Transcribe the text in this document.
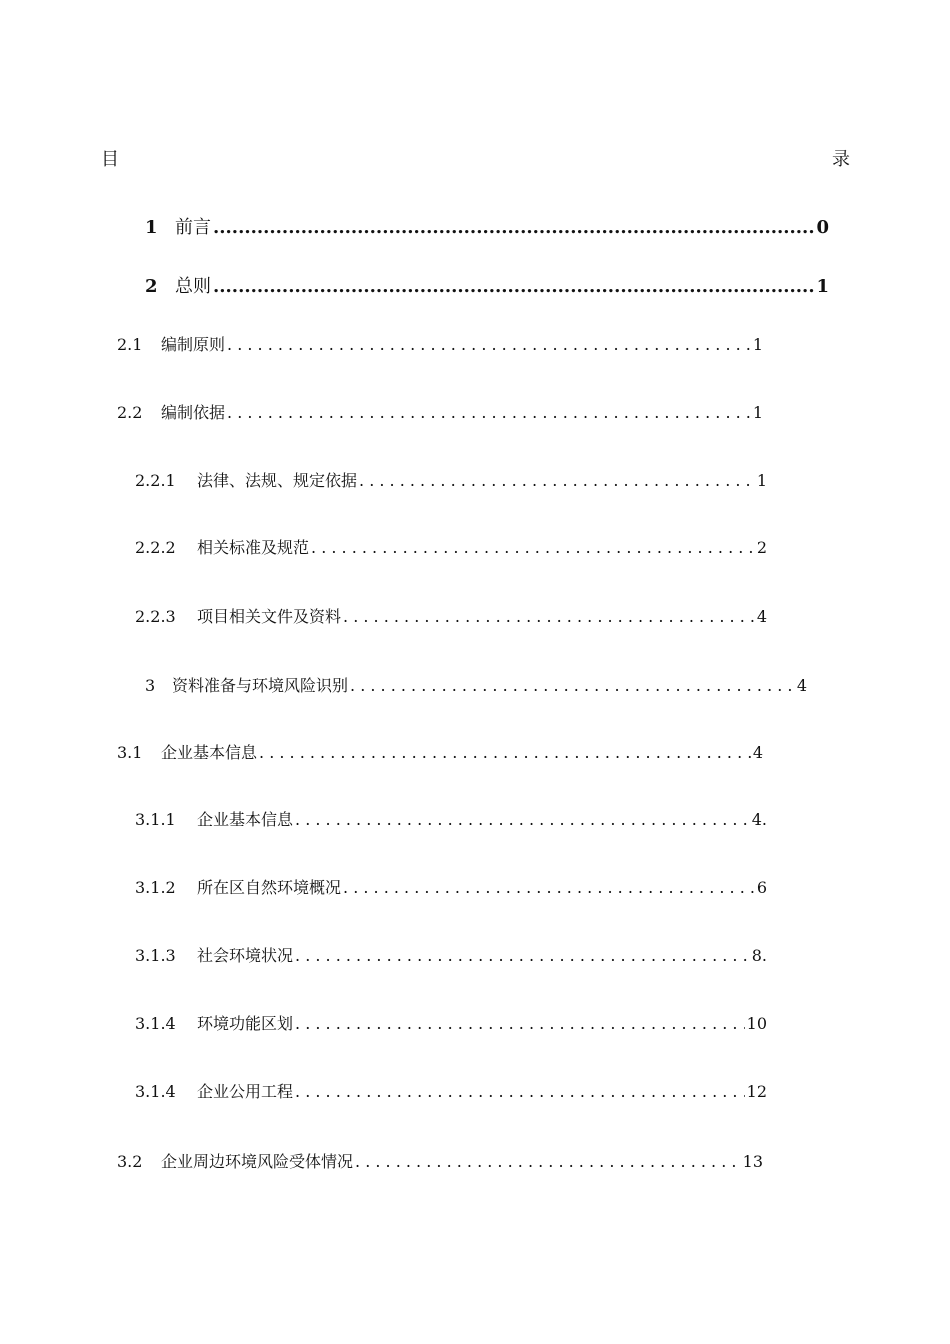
目	录
1 前言 .....	0
2 总则 .....	1
2.1	编制原则 . . .	1
2.2	编制依据 . . .	1
2.2.1	法律、法规、规定依据 . . .	1
2.2.2	相关标准及规范 . . .	2
2.2.3	项目相关文件及资料 . . .	4
3	资料准备与环境风险识别 . . .	4
3.1	企业基本信息 . . .	4
3.1.1	企业基本信息 . . .	4.
3.1.2	所在区自然环境概况 . . .	6
3.1.3	社会环境状况 . . .	8.
3.1.4	环境功能区划 . . .	10
3.1.4	企业公用工程 . . .	12
3.2	企业周边环境风险受体情况 . . .	13
